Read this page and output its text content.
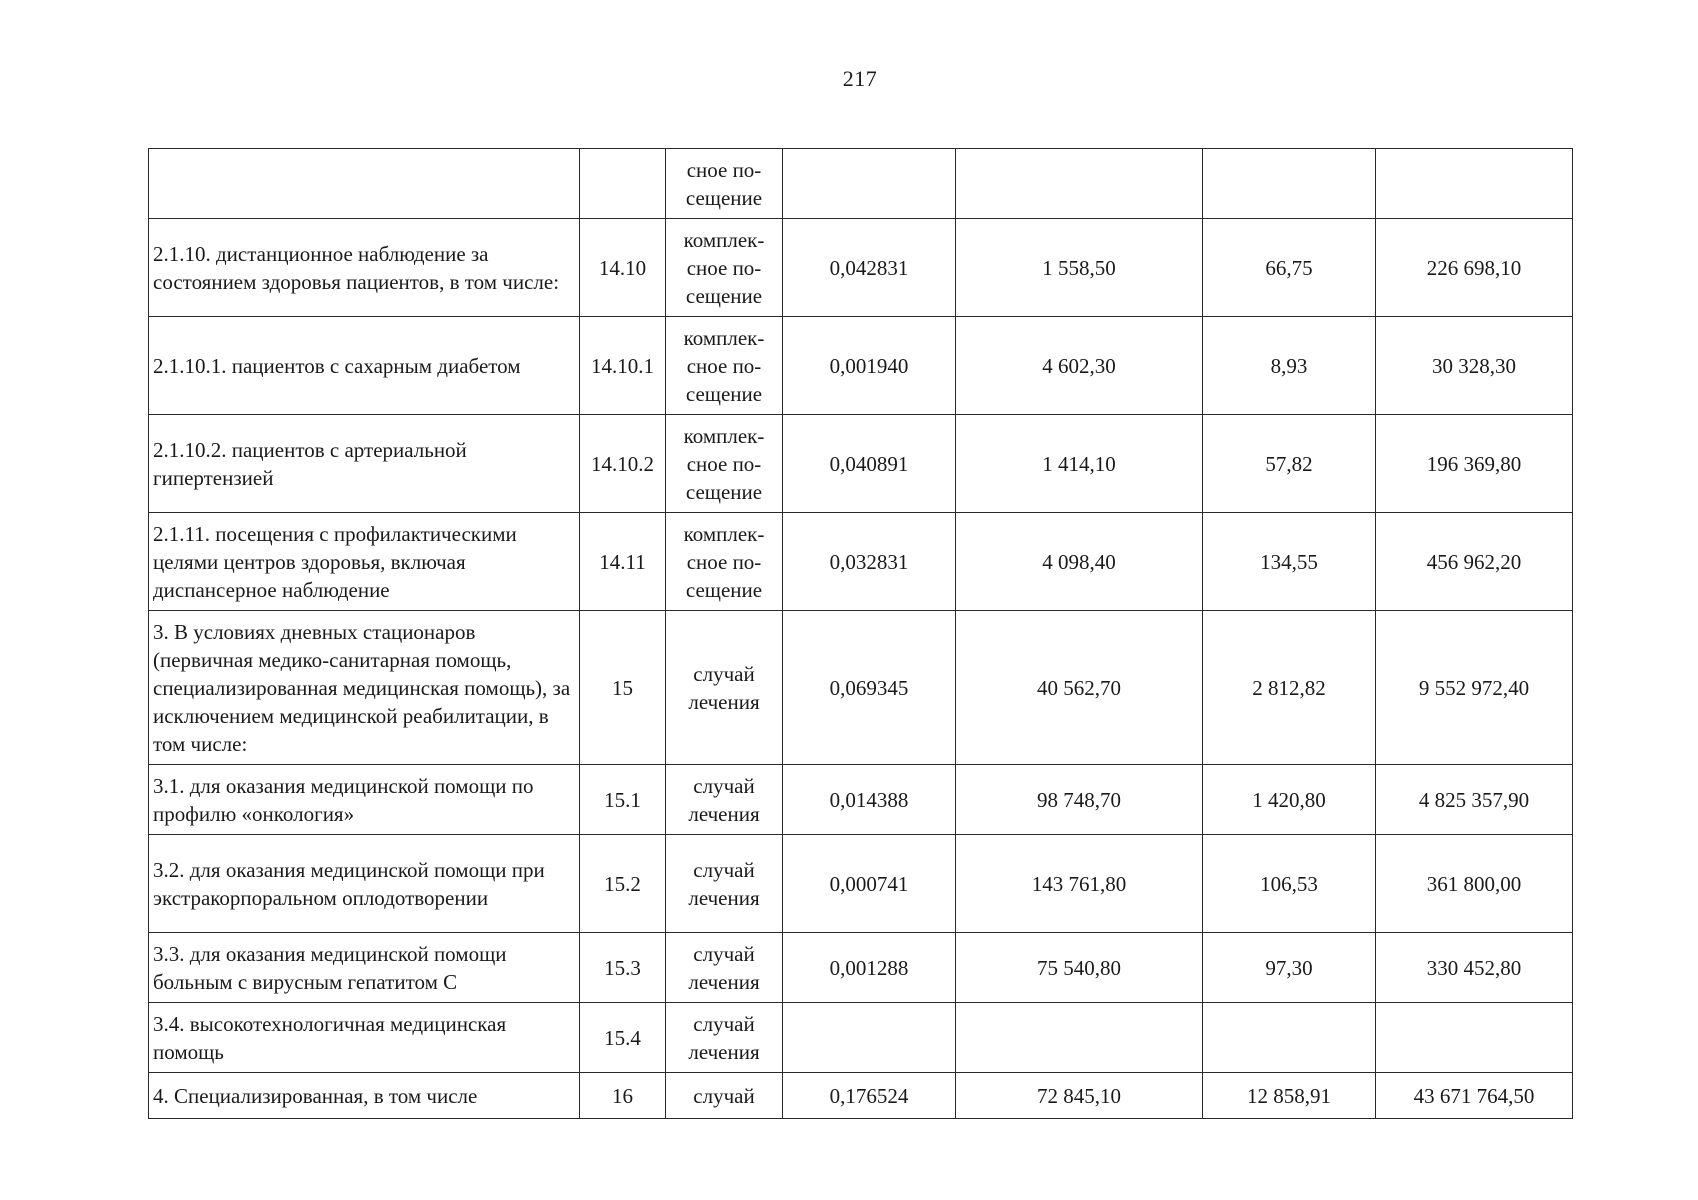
217

		сное по-
сещение				

2.1.10. дистанционное наблюдение за состоянием здоровья пациентов, в том числе:	14.10	комплек-
сное по-
сещение	0,042831	1 558,50	66,75	226 698,10
2.1.10.1. пациентов с сахарным диабетом	14.10.1	комплек-
сное по-
сещение	0,001940	4 602,30	8,93	30 328,30
2.1.10.2. пациентов с артериальной гипертензией	14.10.2	комплек-
сное по-
сещение	0,040891	1 414,10	57,82	196 369,80
2.1.11. посещения с профилактическими целями центров здоровья, включая диспансерное наблюдение	14.11	комплек-
сное по-
сещение	0,032831	4 098,40	134,55	456 962,20
3. В условиях дневных стационаров (первичная медико-санитарная помощь, специализированная медицинская помощь), за исключением медицинской реабилитации, в том числе:	15	случай
лечения	0,069345	40 562,70	2 812,82	9 552 972,40
3.1. для оказания медицинской помощи по профилю «онкология»	15.1	случай
лечения	0,014388	98 748,70	1 420,80	4 825 357,90
3.2. для оказания медицинской помощи при экстракорпоральном оплодотворении	15.2	случай
лечения	0,000741	143 761,80	106,53	361 800,00
3.3. для оказания медицинской помощи больным с вирусным гепатитом С	15.3	случай
лечения	0,001288	75 540,80	97,30	330 452,80
3.4. высокотехнологичная медицинская помощь	15.4	случай
лечения				

4. Специализированная, в том числе	16	случай	0,176524	72 845,10	12 858,91	43 671 764,50
